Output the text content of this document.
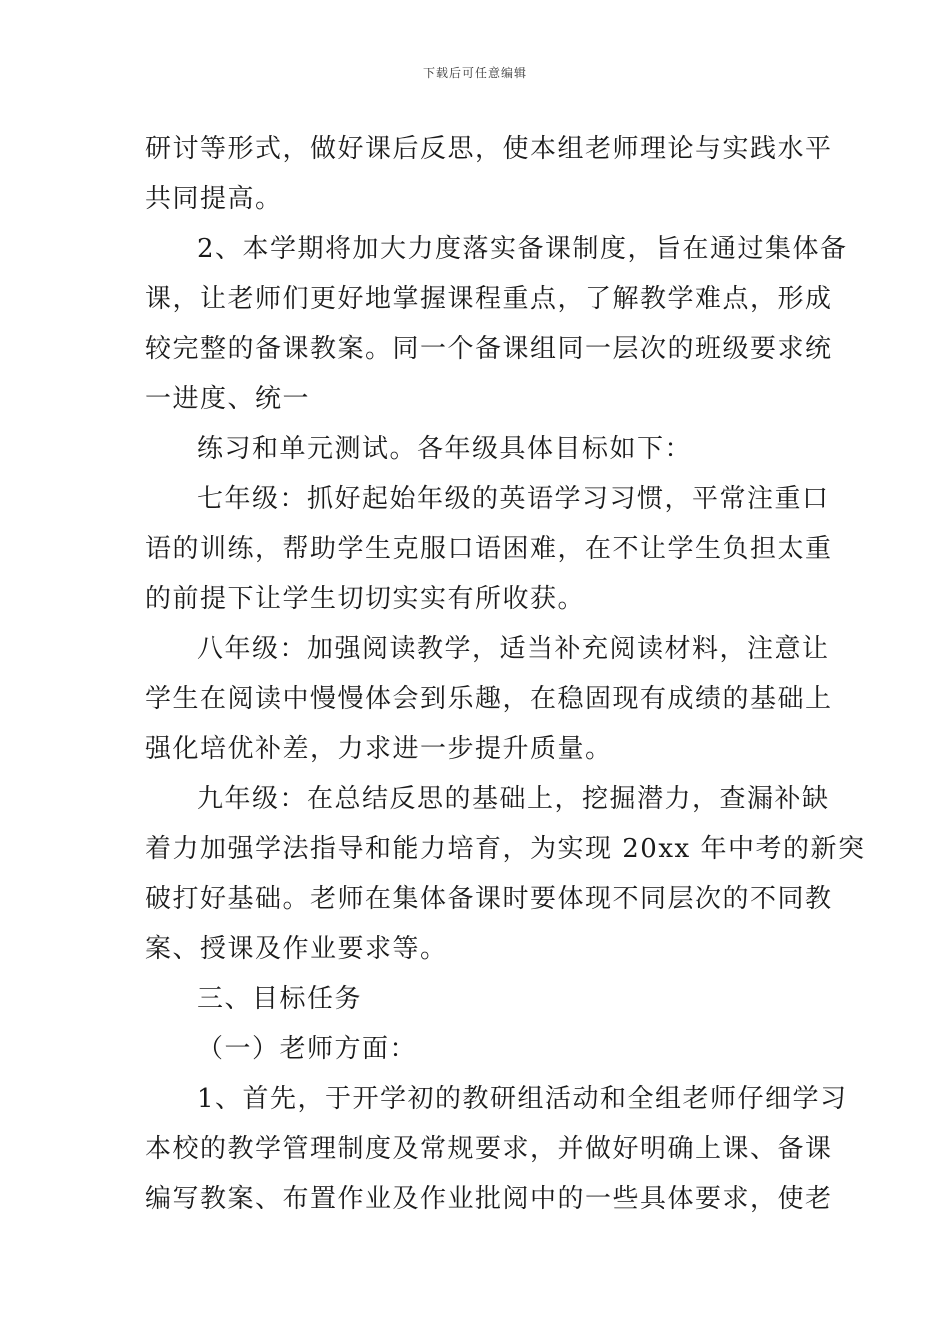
下载后可任意编辑

研讨等形式，做好课后反思，使本组老师理论与实践水平
共同提高。

2、本学期将加大力度落实备课制度，旨在通过集体备
课，让老师们更好地掌握课程重点，了解教学难点，形成
较完整的备课教案。同一个备课组同一层次的班级要求统
一进度、统一

练习和单元测试。各年级具体目标如下：

七年级：抓好起始年级的英语学习习惯，平常注重口
语的训练，帮助学生克服口语困难，在不让学生负担太重
的前提下让学生切切实实有所收获。

八年级：加强阅读教学，适当补充阅读材料，注意让
学生在阅读中慢慢体会到乐趣，在稳固现有成绩的基础上
强化培优补差，力求进一步提升质量。

九年级：在总结反思的基础上，挖掘潜力，查漏补缺
着力加强学法指导和能力培育，为实现 20xx 年中考的新突
破打好基础。老师在集体备课时要体现不同层次的不同教
案、授课及作业要求等。

三、目标任务

（一）老师方面：

1、首先，于开学初的教研组活动和全组老师仔细学习
本校的教学管理制度及常规要求，并做好明确上课、备课
编写教案、布置作业及作业批阅中的一些具体要求，使老
